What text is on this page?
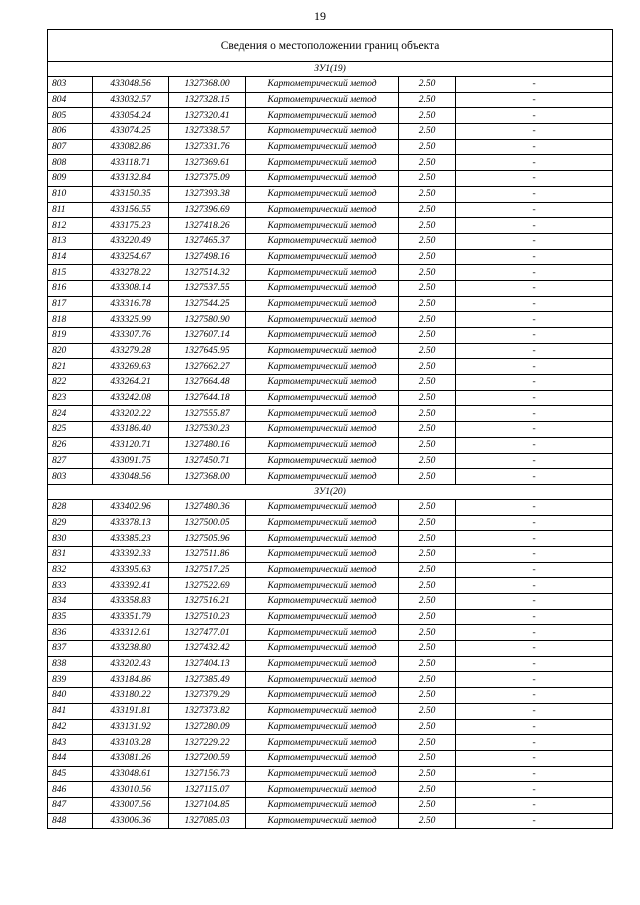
19
Сведения о местоположении границ объекта					
ЗУ1(19)					
803	433048.56	1327368.00	Картометрический метод	2.50	-
804	433032.57	1327328.15	Картометрический метод	2.50	-
805	433054.24	1327320.41	Картометрический метод	2.50	-
806	433074.25	1327338.57	Картометрический метод	2.50	-
807	433082.86	1327331.76	Картометрический метод	2.50	-
808	433118.71	1327369.61	Картометрический метод	2.50	-
809	433132.84	1327375.09	Картометрический метод	2.50	-
810	433150.35	1327393.38	Картометрический метод	2.50	-
811	433156.55	1327396.69	Картометрический метод	2.50	-
812	433175.23	1327418.26	Картометрический метод	2.50	-
813	433220.49	1327465.37	Картометрический метод	2.50	-
814	433254.67	1327498.16	Картометрический метод	2.50	-
815	433278.22	1327514.32	Картометрический метод	2.50	-
816	433308.14	1327537.55	Картометрический метод	2.50	-
817	433316.78	1327544.25	Картометрический метод	2.50	-
818	433325.99	1327580.90	Картометрический метод	2.50	-
819	433307.76	1327607.14	Картометрический метод	2.50	-
820	433279.28	1327645.95	Картометрический метод	2.50	-
821	433269.63	1327662.27	Картометрический метод	2.50	-
822	433264.21	1327664.48	Картометрический метод	2.50	-
823	433242.08	1327644.18	Картометрический метод	2.50	-
824	433202.22	1327555.87	Картометрический метод	2.50	-
825	433186.40	1327530.23	Картометрический метод	2.50	-
826	433120.71	1327480.16	Картометрический метод	2.50	-
827	433091.75	1327450.71	Картометрический метод	2.50	-
803	433048.56	1327368.00	Картометрический метод	2.50	-
ЗУ1(20)					
828	433402.96	1327480.36	Картометрический метод	2.50	-
829	433378.13	1327500.05	Картометрический метод	2.50	-
830	433385.23	1327505.96	Картометрический метод	2.50	-
831	433392.33	1327511.86	Картометрический метод	2.50	-
832	433395.63	1327517.25	Картометрический метод	2.50	-
833	433392.41	1327522.69	Картометрический метод	2.50	-
834	433358.83	1327516.21	Картометрический метод	2.50	-
835	433351.79	1327510.23	Картометрический метод	2.50	-
836	433312.61	1327477.01	Картометрический метод	2.50	-
837	433238.80	1327432.42	Картометрический метод	2.50	-
838	433202.43	1327404.13	Картометрический метод	2.50	-
839	433184.86	1327385.49	Картометрический метод	2.50	-
840	433180.22	1327379.29	Картометрический метод	2.50	-
841	433191.81	1327373.82	Картометрический метод	2.50	-
842	433131.92	1327280.09	Картометрический метод	2.50	-
843	433103.28	1327229.22	Картометрический метод	2.50	-
844	433081.26	1327200.59	Картометрический метод	2.50	-
845	433048.61	1327156.73	Картометрический метод	2.50	-
846	433010.56	1327115.07	Картометрический метод	2.50	-
847	433007.56	1327104.85	Картометрический метод	2.50	-
848	433006.36	1327085.03	Картометрический метод	2.50	-
